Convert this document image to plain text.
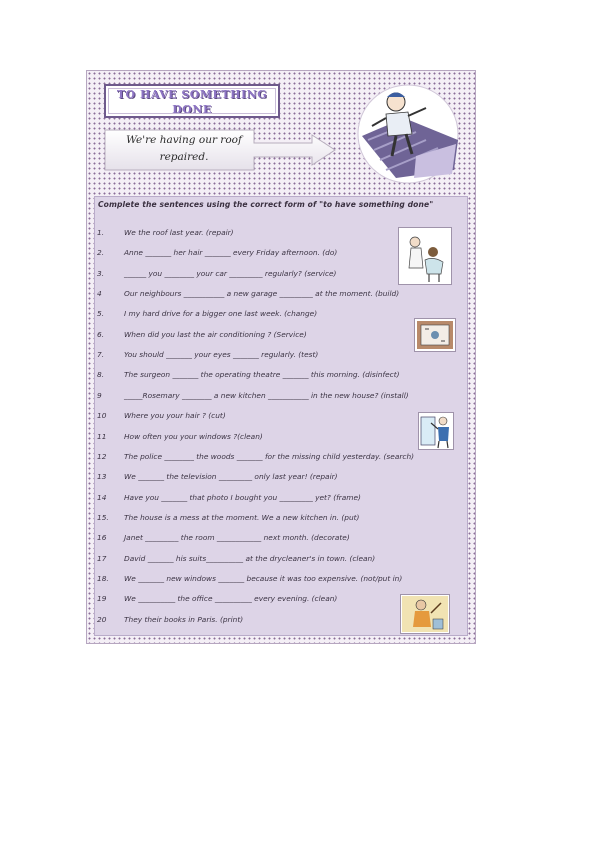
TO HAVE SOMETHING
DONE
We're having our roof
repaired.
Complete the sentences using the correct form of "to have something done"
1.	We the roof last year. (repair)
2.	Anne _______ her hair _______ every Friday afternoon. (do)
3.	______ you ________ your car _________ regularly? (service)
4	Our neighbours ___________ a new garage _________ at the moment. (build)
5.	I my hard drive for a bigger one last week. (change)
6.	When did you last the air conditioning ? (Service)
7.	You should _______ your eyes _______ regularly. (test)
8.	The surgeon _______ the operating theatre _______ this morning. (disinfect)
9	_____Rosemary ________ a new kitchen ___________ in the new house? (install)
10	Where you your hair ? (cut)
11	How often you your windows ?(clean)
12	The police ________ the woods _______ for the missing child yesterday. (search)
13	We _______ the television _________ only last year! (repair)
14	Have you _______ that photo I bought you _________ yet? (frame)
15.	The house is a mess at the moment. We a new kitchen in. (put)
16	Janet _________ the room ____________ next month. (decorate)
17	David _______ his suits__________ at the drycleaner's in town. (clean)
18.	We _______ new windows _______ because it was too expensive. (not/put in)
19	We __________ the office __________ every evening. (clean)
20	They their books in Paris. (print)
